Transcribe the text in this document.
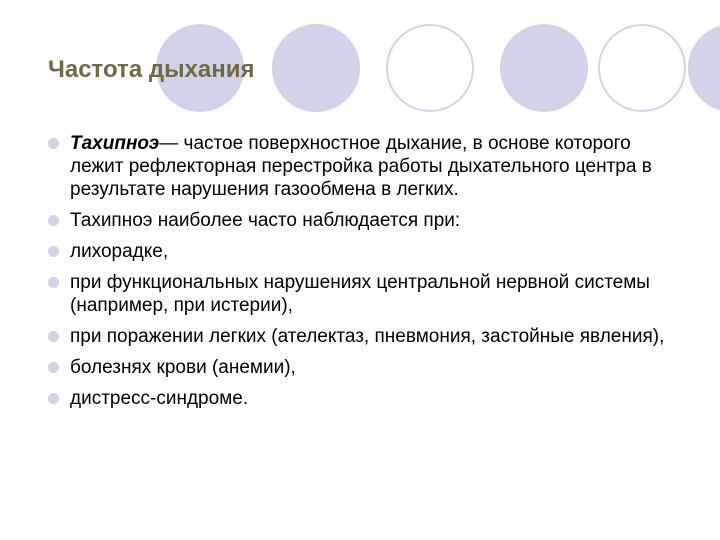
Частота дыхания
Тахипноэ— частое поверхностное дыхание, в основе которого лежит рефлекторная перестройка работы дыхательного центра в результате нарушения газообмена в легких.
Тахипноэ наиболее часто наблюдается при:
лихорадке,
при функциональных нарушениях центральной нервной системы (например, при истерии),
при поражении легких (ателектаз, пневмония, застойные явления),
болезнях крови (анемии),
дистресс-синдроме.
